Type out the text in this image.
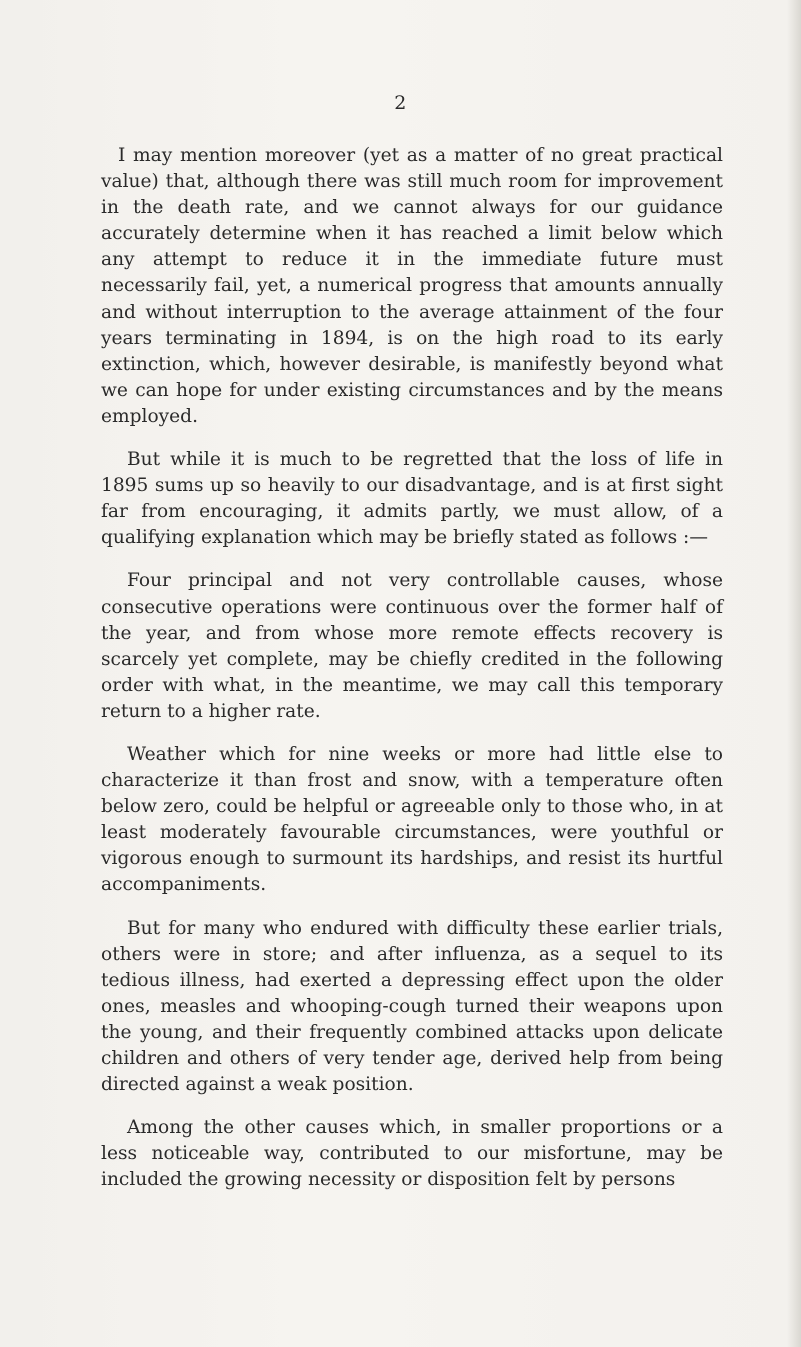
2

I may mention moreover (yet as a matter of no great practical value) that, although there was still much room for improvement in the death rate, and we cannot always for our guidance accurately determine when it has reached a limit below which any attempt to reduce it in the immediate future must necessarily fail, yet, a numerical progress that amounts annually and without interruption to the average attainment of the four years terminating in 1894, is on the high road to its early extinction, which, however desirable, is manifestly beyond what we can hope for under existing circumstances and by the means employed.

But while it is much to be regretted that the loss of life in 1895 sums up so heavily to our disadvantage, and is at first sight far from encouraging, it admits partly, we must allow, of a qualifying explanation which may be briefly stated as follows :—

Four principal and not very controllable causes, whose consecutive operations were continuous over the former half of the year, and from whose more remote effects recovery is scarcely yet complete, may be chiefly credited in the following order with what, in the meantime, we may call this temporary return to a higher rate.

Weather which for nine weeks or more had little else to characterize it than frost and snow, with a temperature often below zero, could be helpful or agreeable only to those who, in at least moderately favourable circumstances, were youthful or vigorous enough to surmount its hardships, and resist its hurtful accompaniments.

But for many who endured with difficulty these earlier trials, others were in store; and after influenza, as a sequel to its tedious illness, had exerted a depressing effect upon the older ones, measles and whooping-cough turned their weapons upon the young, and their frequently combined attacks upon delicate children and others of very tender age, derived help from being directed against a weak position.

Among the other causes which, in smaller proportions or a less noticeable way, contributed to our misfortune, may be included the growing necessity or disposition felt by persons
